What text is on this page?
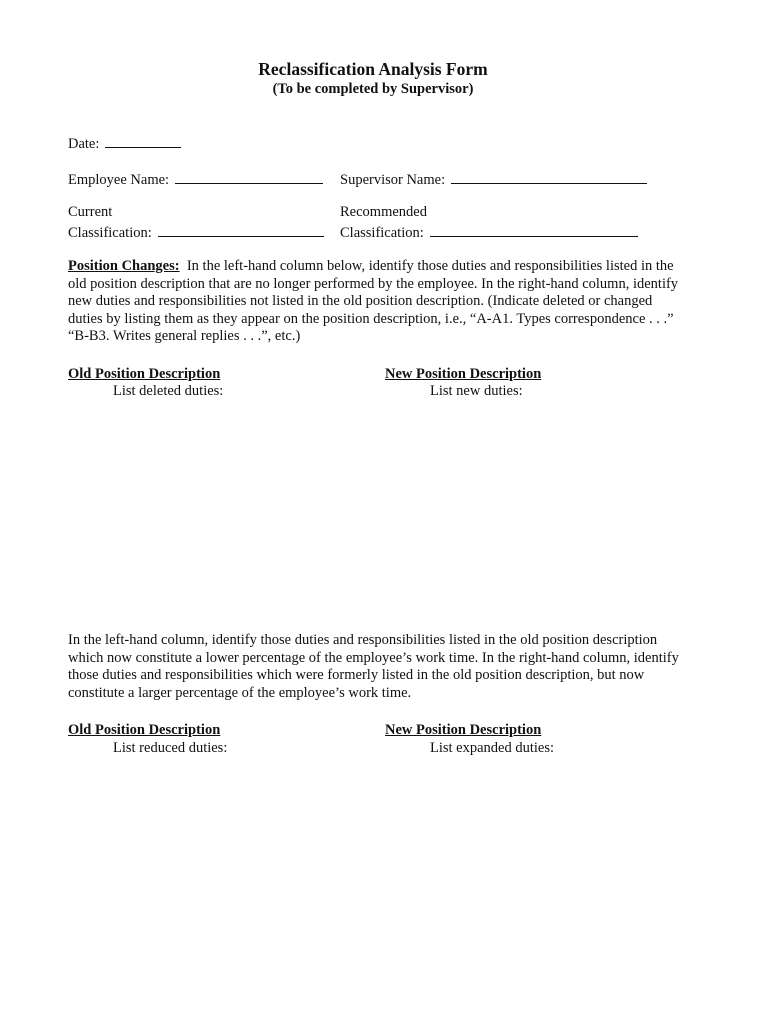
Reclassification Analysis Form
(To be completed by Supervisor)
Date:
Employee Name:	Supervisor Name:
Current
Classification:
Recommended
Classification:
Position Changes: In the left-hand column below, identify those duties and responsibilities listed in the old position description that are no longer performed by the employee. In the right-hand column, identify new duties and responsibilities not listed in the old position description. (Indicate deleted or changed duties by listing them as they appear on the position description, i.e., “A-A1. Types correspondence . . .” “B-B3. Writes general replies . . .”, etc.)
Old Position Description
List deleted duties:
New Position Description
List new duties:
In the left-hand column, identify those duties and responsibilities listed in the old position description which now constitute a lower percentage of the employee’s work time. In the right-hand column, identify those duties and responsibilities which were formerly listed in the old position description, but now constitute a larger percentage of the employee’s work time.
Old Position Description
List reduced duties:
New Position Description
List expanded duties:
